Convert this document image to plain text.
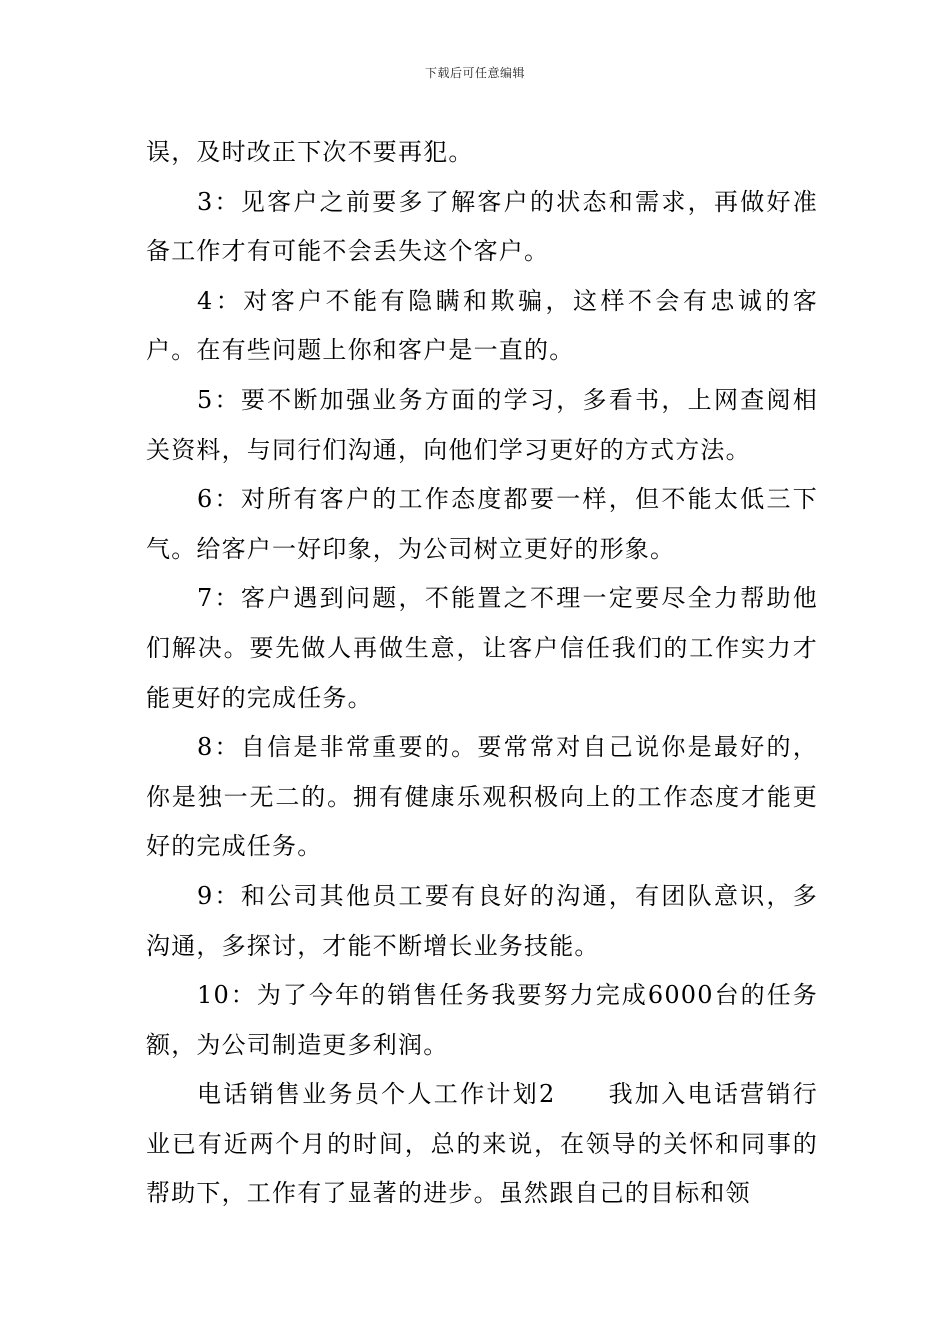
下载后可任意编辑

误，及时改正下次不要再犯。

3：见客户之前要多了解客户的状态和需求，再做好准备工作才有可能不会丢失这个客户。

4：对客户不能有隐瞒和欺骗，这样不会有忠诚的客户。在有些问题上你和客户是一直的。

5：要不断加强业务方面的学习，多看书，上网查阅相关资料，与同行们沟通，向他们学习更好的方式方法。

6：对所有客户的工作态度都要一样，但不能太低三下气。给客户一好印象，为公司树立更好的形象。

7：客户遇到问题，不能置之不理一定要尽全力帮助他们解决。要先做人再做生意，让客户信任我们的工作实力才能更好的完成任务。

8：自信是非常重要的。要常常对自己说你是最好的，你是独一无二的。拥有健康乐观积极向上的工作态度才能更好的完成任务。

9：和公司其他员工要有良好的沟通，有团队意识，多沟通，多探讨，才能不断增长业务技能。

10：为了今年的销售任务我要努力完成6000台的任务额，为公司制造更多利润。

电话销售业务员个人工作计划2 我加入电话营销行业已有近两个月的时间，总的来说，在领导的关怀和同事的帮助下，工作有了显著的进步。虽然跟自己的目标和领
